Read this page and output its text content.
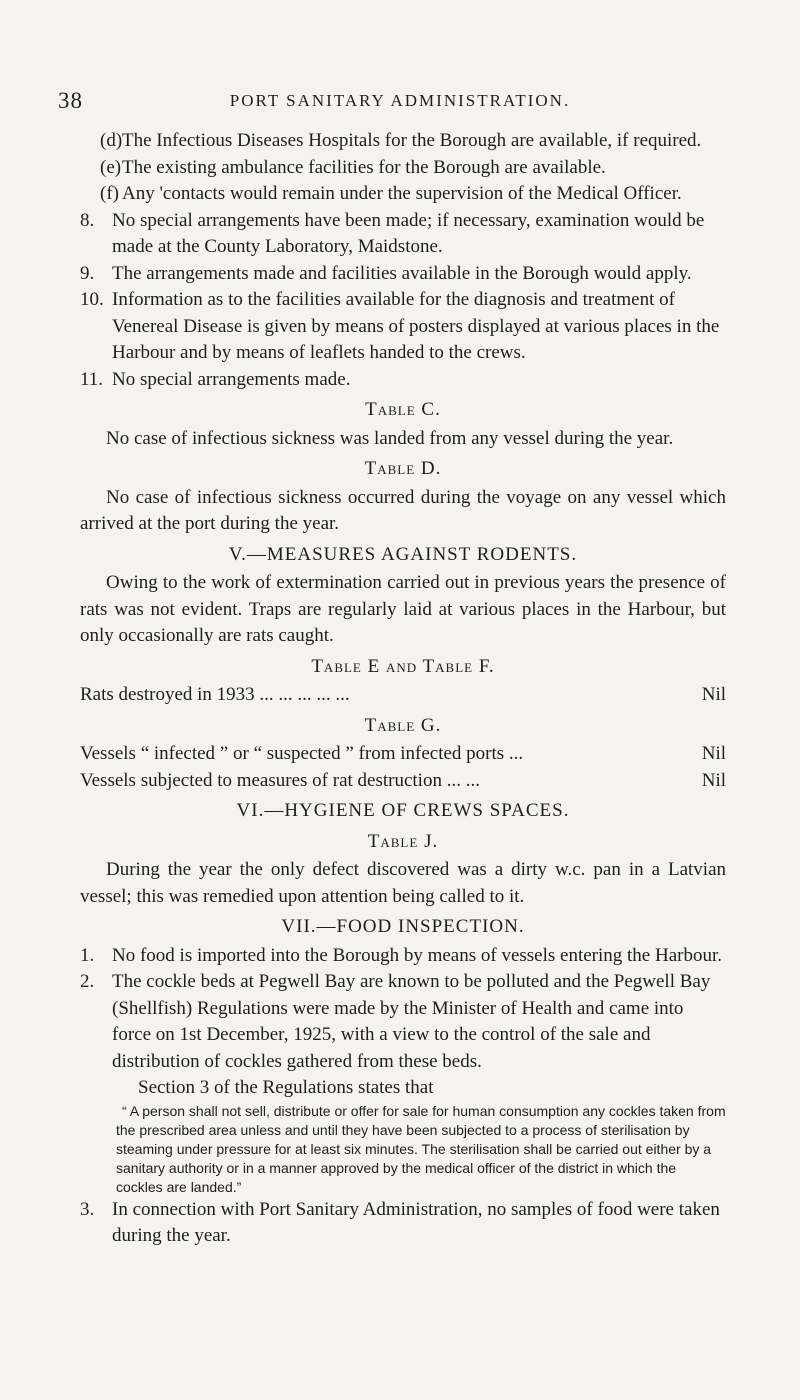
38	PORT SANITARY ADMINISTRATION.

(d)The Infectious Diseases Hospitals for the Borough are available, if required.

(e)The existing ambulance facilities for the Borough are available.

(f) Any 'contacts would remain under the supervision of the Medical Officer.

8. No special arrangements have been made; if necessary, examination would be made at the County Laboratory, Maidstone.

9. The arrangements made and facilities available in the Borough would apply.

10. Information as to the facilities available for the diagnosis and treatment of Venereal Disease is given by means of posters displayed at various places in the Harbour and by means of leaflets handed to the crews.

11. No special arrangements made.

Table C.

No case of infectious sickness was landed from any vessel during the year.

Table D.

No case of infectious sickness occurred during the voyage on any vessel which arrived at the port during the year.

V.—MEASURES AGAINST RODENTS.

Owing to the work of extermination carried out in previous years the presence of rats was not evident. Traps are regularly laid at various places in the Harbour, but only occasionally are rats caught.

Table E and Table F.
Rats destroyed in 1933 ... ... ... ... ...	Nil
Table G.
Vessels “ infected ” or “ suspected ” from infected ports ...	Nil
Vessels subjected to measures of rat destruction ... ...	Nil
VI.—HYGIENE OF CREWS SPACES.
Table J.

During the year the only defect discovered was a dirty w.c. pan in a Latvian vessel; this was remedied upon attention being called to it.

VII.—FOOD INSPECTION.

1. No food is imported into the Borough by means of vessels entering the Harbour.

2. The cockle beds at Pegwell Bay are known to be polluted and the Pegwell Bay (Shellfish) Regulations were made by the Minister of Health and came into force on 1st December, 1925, with a view to the control of the sale and distribution of cockles gathered from these beds.

Section 3 of the Regulations states that

“ A person shall not sell, distribute or offer for sale for human consumption any cockles taken from the prescribed area unless and until they have been subjected to a process of sterilisation by steaming under pressure for at least six minutes. The sterilisation shall be carried out either by a sanitary authority or in a manner approved by the medical officer of the district in which the cockles are landed.”

3. In connection with Port Sanitary Administration, no samples of food were taken during the year.
